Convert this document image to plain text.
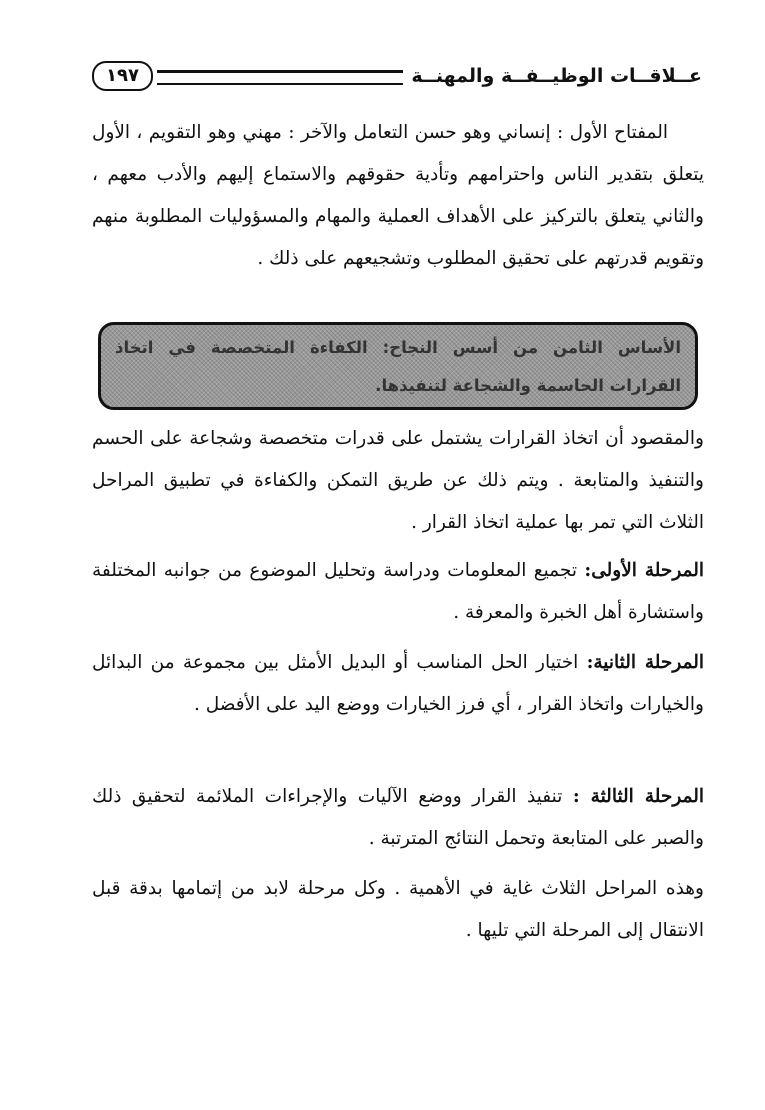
عــلاقــات الوظيــفــة والمهنــة
١٩٧
المفتاح الأول : إنساني وهو حسن التعامل والآخر : مهني وهو التقويم ، الأول يتعلق بتقدير الناس واحترامهم وتأدية حقوقهم والاستماع إليهم والأدب معهم ، والثاني يتعلق بالتركيز على الأهداف العملية والمهام والمسؤوليات المطلوبة منهم وتقويم قدرتهم على تحقيق المطلوب وتشجيعهم على ذلك .
الأساس الثامن من أسس النجاح: الكفاءة المتخصصة في اتخاذ القرارات الحاسمة والشجاعة لتنفيذها.
والمقصود أن اتخاذ القرارات يشتمل على قدرات متخصصة وشجاعة على الحسم والتنفيذ والمتابعة . ويتم ذلك عن طريق التمكن والكفاءة في تطبيق المراحل الثلاث التي تمر بها عملية اتخاذ القرار .
المرحلة الأولى: تجميع المعلومات ودراسة وتحليل الموضوع من جوانبه المختلفة واستشارة أهل الخبرة والمعرفة .
المرحلة الثانية: اختيار الحل المناسب أو البديل الأمثل بين مجموعة من البدائل والخيارات واتخاذ القرار ، أي فرز الخيارات ووضع اليد على الأفضل .
المرحلة الثالثة : تنفيذ القرار ووضع الآليات والإجراءات الملائمة لتحقيق ذلك والصبر على المتابعة وتحمل النتائج المترتبة .
وهذه المراحل الثلاث غاية في الأهمية . وكل مرحلة لابد من إتمامها بدقة قبل الانتقال إلى المرحلة التي تليها .
